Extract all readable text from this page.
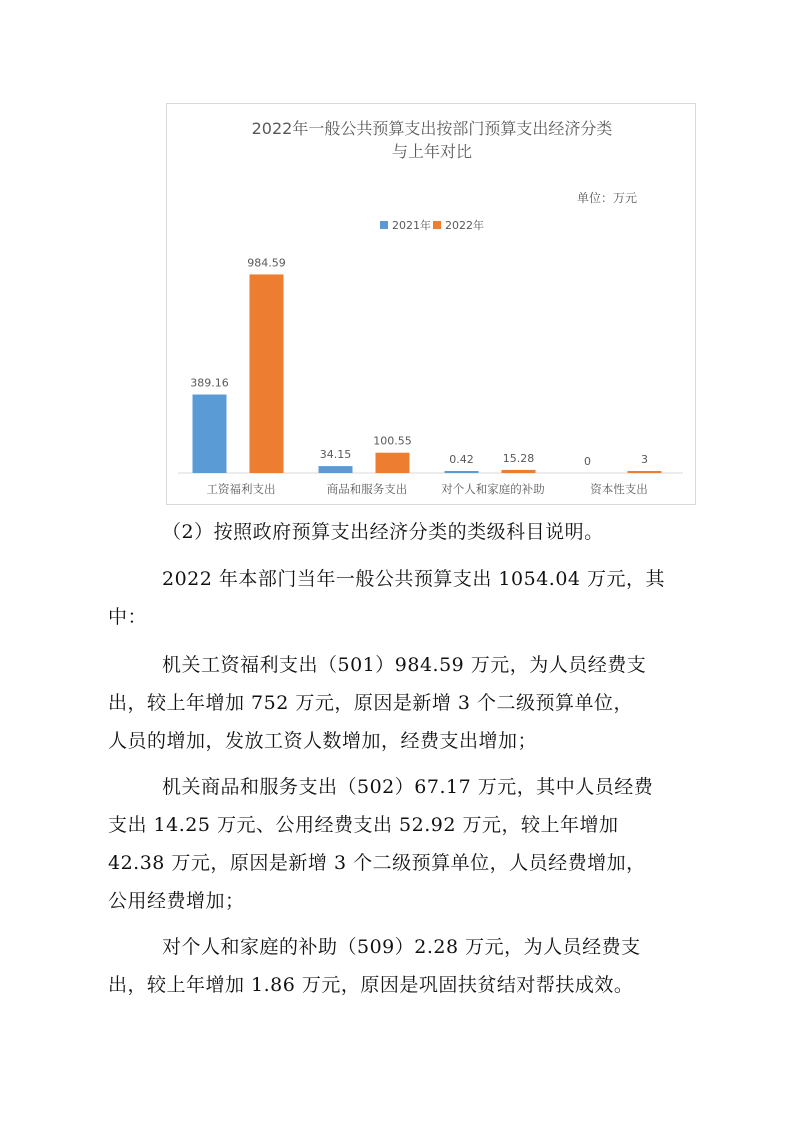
2022年一般公共预算支出按部门预算支出经济分类
与上年对比
单位：万元
2021年 2022年
389.16
984.59
34.15
100.55
0.42	15.28	0	3
工资福利支出	商品和服务支出	对个人和家庭的补助	资本性支出

（2）按照政府预算支出经济分类的类级科目说明。

2022 年本部门当年一般公共预算支出 1054.04 万元，其

中：

机关工资福利支出（501）984.59 万元，为人员经费支

出，较上年增加 752 万元，原因是新增 3 个二级预算单位，

人员的增加，发放工资人数增加，经费支出增加；

机关商品和服务支出（502）67.17 万元，其中人员经费

支出 14.25 万元、公用经费支出 52.92 万元，较上年增加

42.38 万元，原因是新增 3 个二级预算单位，人员经费增加，

公用经费增加；

对个人和家庭的补助（509）2.28 万元，为人员经费支

出，较上年增加 1.86 万元，原因是巩固扶贫结对帮扶成效。
